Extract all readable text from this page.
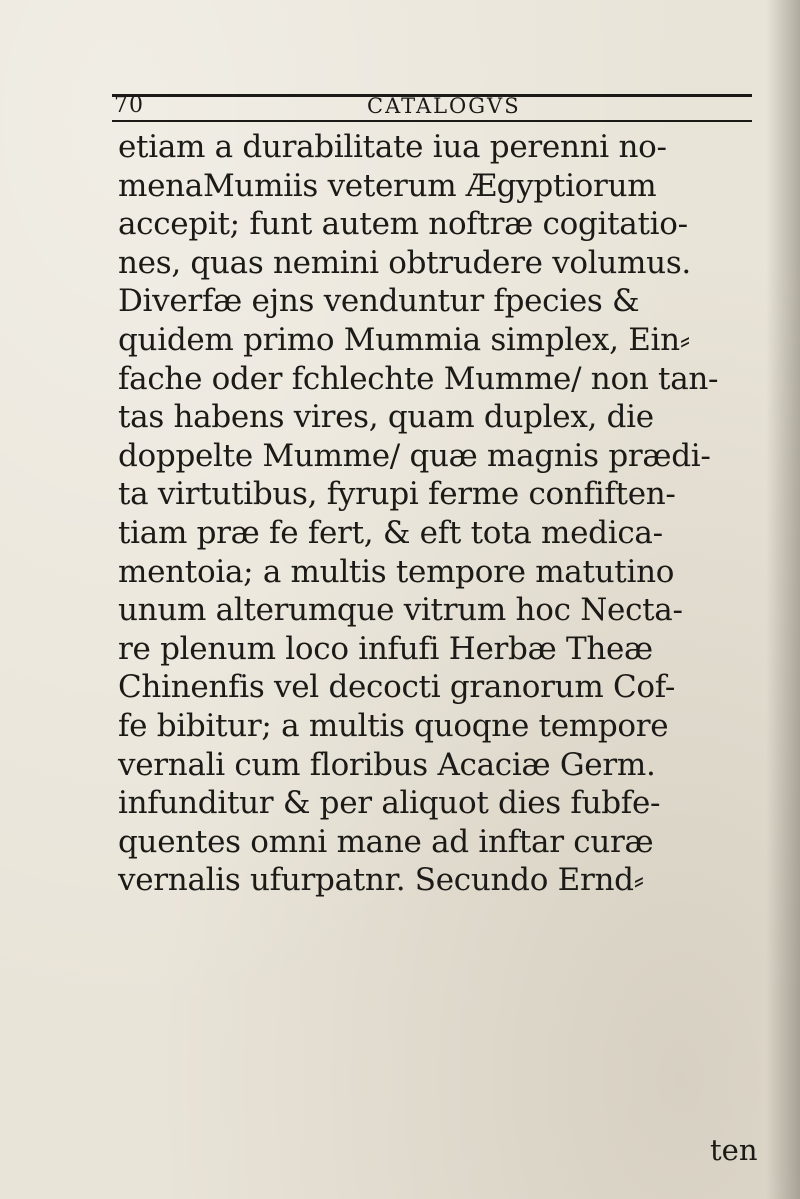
70	CATALOGVS
etiam a durabilitate iua perenni no-
menaMumiis veterum Ægyptiorum
accepit; funt autem noftræ cogitatio-
nes, quas nemini obtrudere volumus.
Diverfæ ejns venduntur fpecies &
quidem primo Mummia simplex, Ein⸗
fache oder fchlechte Mumme/ non tan-
tas habens vires, quam duplex, die
doppelte Mumme/ quæ magnis prædi-
ta virtutibus, fyrupi ferme confiften-
tiam præ fe fert, & eft tota medica-
mentoia; a multis tempore matutino
unum alterumque vitrum hoc Necta-
re plenum loco infufi Herbæ Theæ
Chinenfis vel decocti granorum Cof-
fe bibitur; a multis quoqne tempore
vernali cum floribus Acaciæ Germ.
infunditur & per aliquot dies fubfe-
quentes omni mane ad inftar curæ
vernalis ufurpatnr. Secundo Ernd⸗
ten
